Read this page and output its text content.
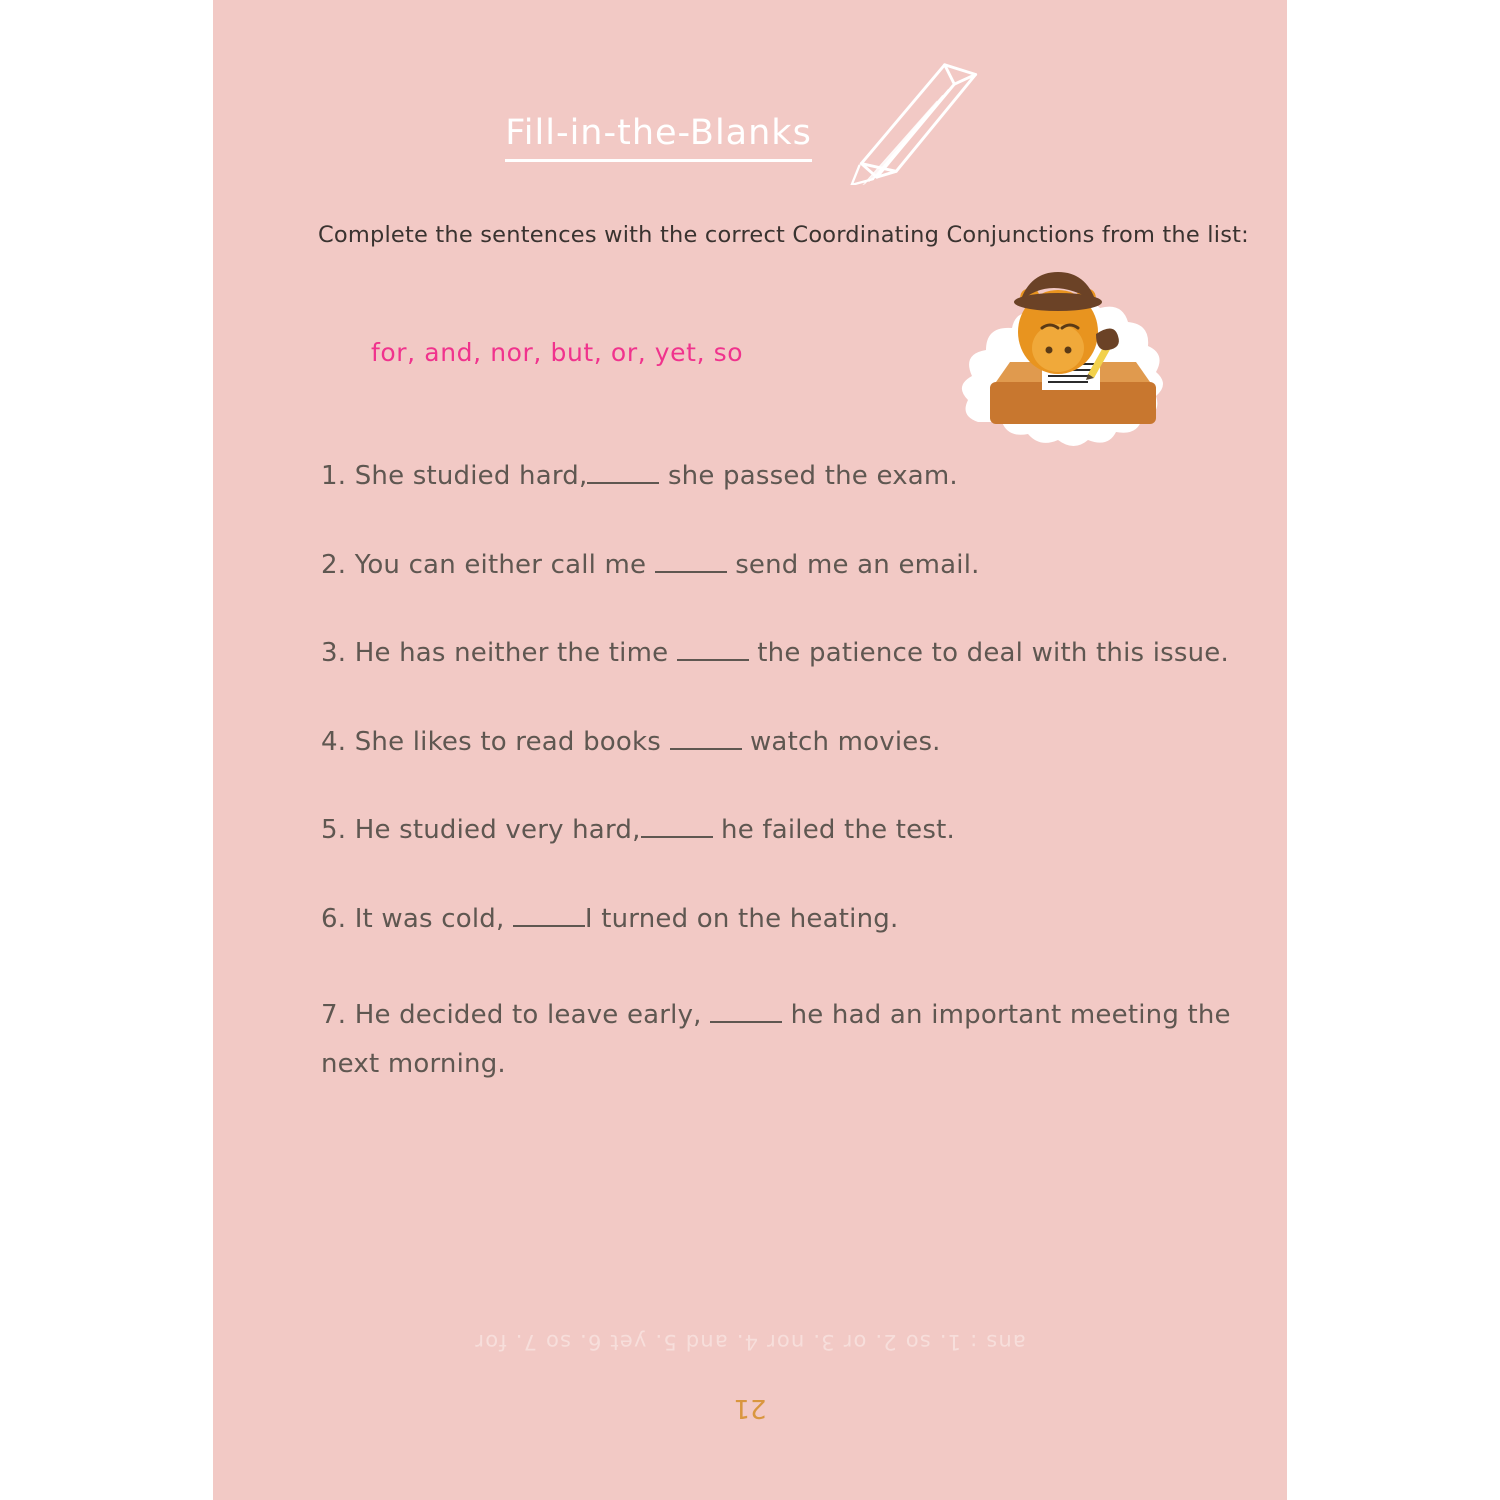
Fill-in-the-Blanks
Complete the sentences with the correct Coordinating Conjunctions from the list:
for, and, nor, but, or, yet, so
1. She studied hard,	she passed the exam.
2. You can either call me	send me an email.
3. He has neither the time	the patience to deal with this issue.
4. She likes to read books	watch movies.
5. He studied very hard,	he failed the test.
6. It was cold,	I turned on the heating.
7. He decided to leave early,	he had an important meeting the next morning.
ans : 1. so 2. or 3. nor 4. and 5. yet 6. so 7. for
21
